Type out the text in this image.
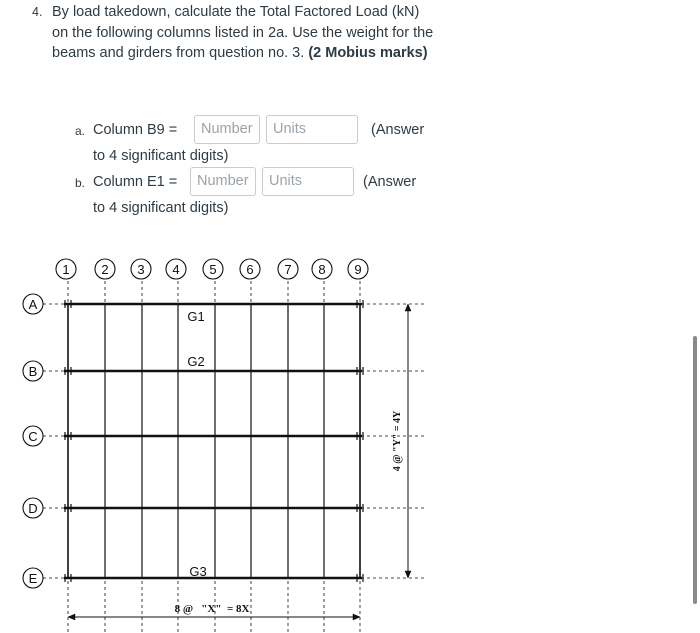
4. By load takedown, calculate the Total Factored Load (kN) on the following columns listed in 2a. Use the weight for the beams and girders from question no. 3. (2 Mobius marks)
a. Column B9 =	Number	Units	(Answer
to 4 significant digits)
b. Column E1 =	Number	Units	(Answer
to 4 significant digits)
1 2 3 4 5 6 7 8 9
A
B
C
D
E
G1
G2
G3
8 @   "X"  = 8X
4 @ "Y" = 4Y
